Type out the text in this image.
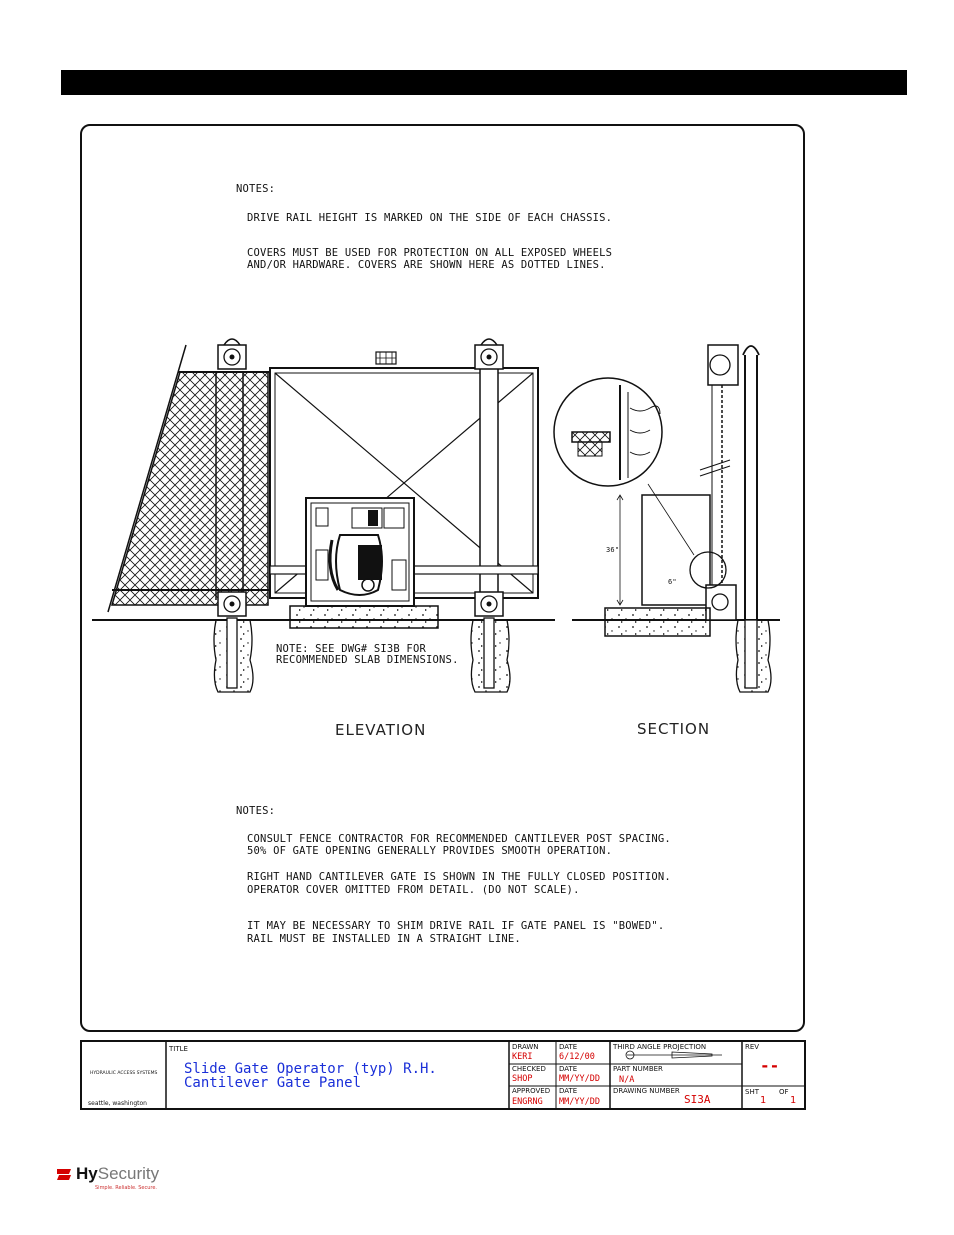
NOTES:
DRIVE RAIL HEIGHT IS MARKED ON THE SIDE OF EACH CHASSIS.
COVERS MUST BE USED FOR PROTECTION ON ALL EXPOSED WHEELS
AND/OR HARDWARE. COVERS ARE SHOWN HERE AS DOTTED LINES.
36"
6"
NOTE: SEE DWG# SI3B FOR
RECOMMENDED SLAB DIMENSIONS.
ELEVATION	SECTION
NOTES:
CONSULT FENCE CONTRACTOR FOR RECOMMENDED CANTILEVER POST SPACING.
50% OF GATE OPENING GENERALLY PROVIDES SMOOTH OPERATION.
RIGHT HAND CANTILEVER GATE IS SHOWN IN THE FULLY CLOSED POSITION.
OPERATOR COVER OMITTED FROM DETAIL. (DO NOT SCALE).
IT MAY BE NECESSARY TO SHIM DRIVE RAIL IF GATE PANEL IS "BOWED".
RAIL MUST BE INSTALLED IN A STRAIGHT LINE.
HYDRAULIC ACCESS SYSTEMS
seattle, washington
TITLE
Slide Gate Operator (typ) R.H.
Cantilever Gate Panel
DRAWN
KERI
DATE
6/12/00
CHECKED
SHOP
DATE
MM/YY/DD
APPROVED
ENGRNG
DATE
MM/YY/DD
THIRD ANGLE PROJECTION
PART NUMBER
N/A
DRAWING NUMBER
SI3A
REV
--
SHT
1
OF
1
HySecurity
Simple. Reliable. Secure.
